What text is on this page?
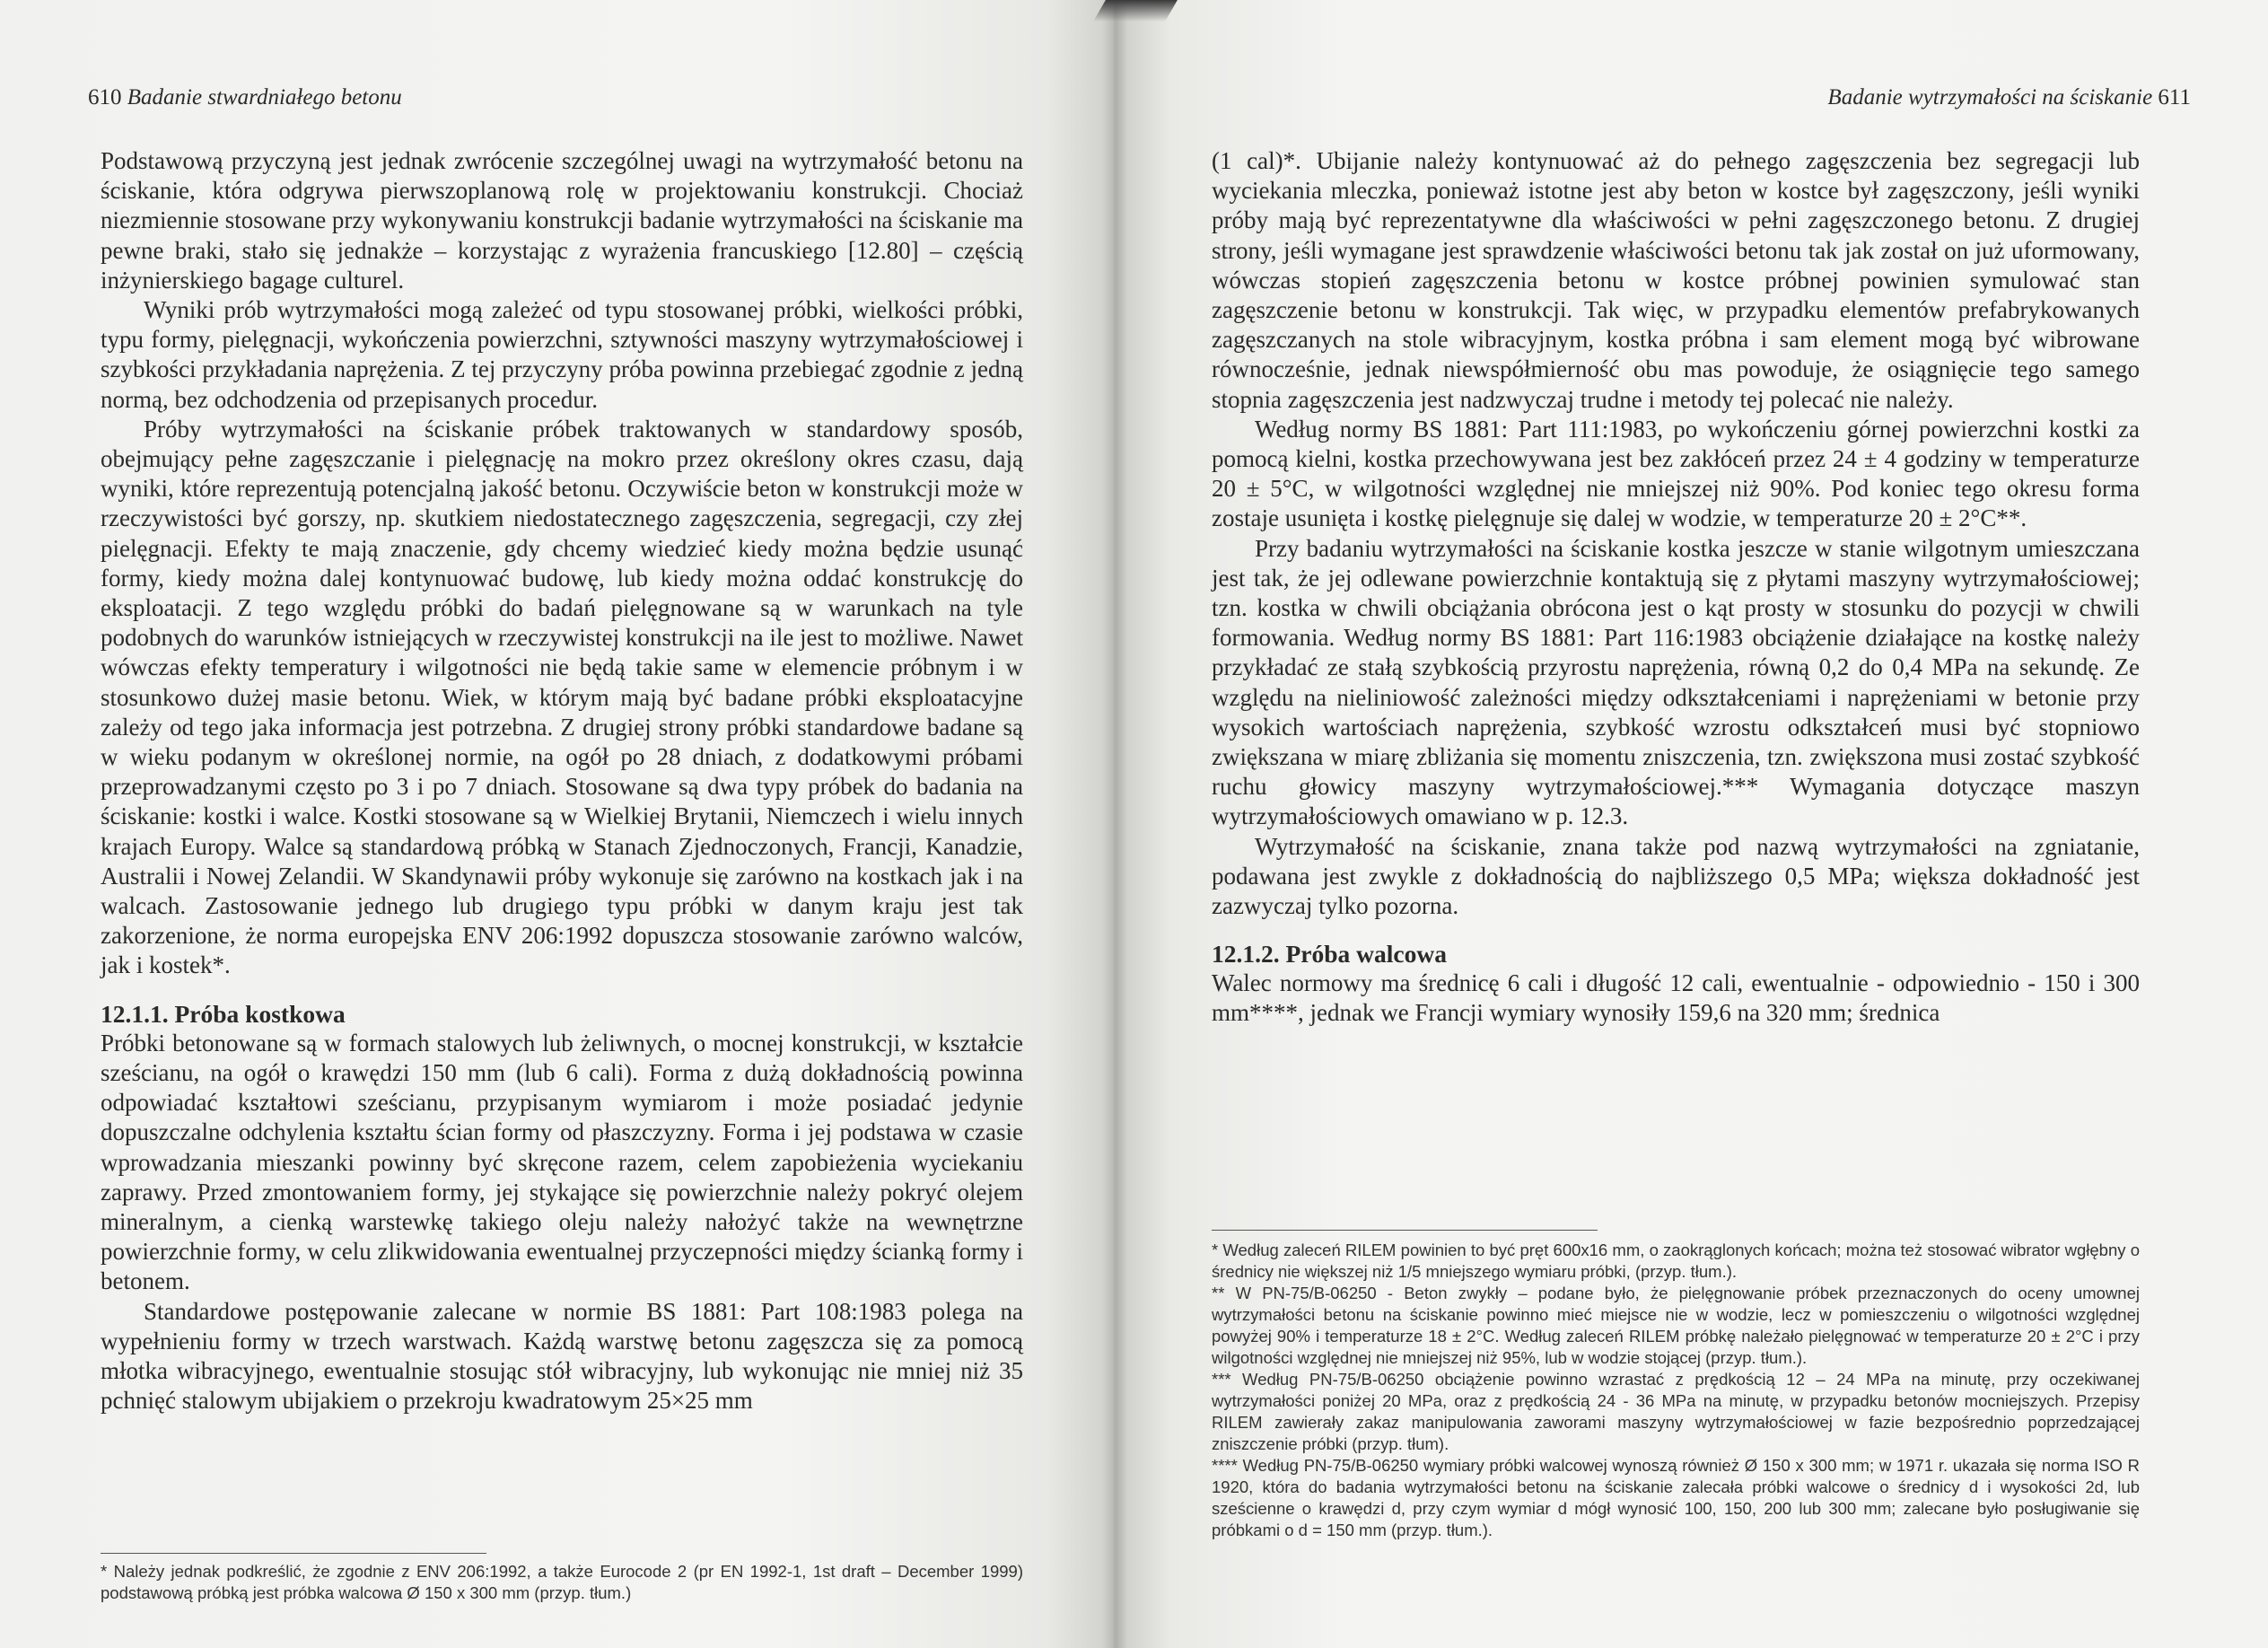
610 Badanie stwardniałego betonu

Podstawową przyczyną jest jednak zwrócenie szczególnej uwagi na wytrzymałość betonu na ściskanie, która odgrywa pierwszoplanową rolę w projektowaniu konstrukcji. Chociaż niezmiennie stosowane przy wykonywaniu konstrukcji badanie wytrzymałości na ściskanie ma pewne braki, stało się jednakże – korzystając z wyrażenia francuskiego [12.80] – częścią inżynierskiego bagage culturel.

Wyniki prób wytrzymałości mogą zależeć od typu stosowanej próbki, wielkości próbki, typu formy, pielęgnacji, wykończenia powierzchni, sztywności maszyny wytrzymałościowej i szybkości przykładania naprężenia. Z tej przyczyny próba powinna przebiegać zgodnie z jedną normą, bez odchodzenia od przepisanych procedur.

Próby wytrzymałości na ściskanie próbek traktowanych w standardowy sposób, obejmujący pełne zagęszczanie i pielęgnację na mokro przez określony okres czasu, dają wyniki, które reprezentują potencjalną jakość betonu. Oczywiście beton w konstrukcji może w rzeczywistości być gorszy, np. skutkiem niedostatecznego zagęszczenia, segregacji, czy złej pielęgnacji. Efekty te mają znaczenie, gdy chcemy wiedzieć kiedy można będzie usunąć formy, kiedy można dalej kontynuować budowę, lub kiedy można oddać konstrukcję do eksploatacji. Z tego względu próbki do badań pielęgnowane są w warunkach na tyle podobnych do warunków istniejących w rzeczywistej konstrukcji na ile jest to możliwe. Nawet wówczas efekty temperatury i wilgotności nie będą takie same w elemencie próbnym i w stosunkowo dużej masie betonu. Wiek, w którym mają być badane próbki eksploatacyjne zależy od tego jaka informacja jest potrzebna. Z drugiej strony próbki standardowe badane są w wieku podanym w określonej normie, na ogół po 28 dniach, z dodatkowymi próbami przeprowadzanymi często po 3 i po 7 dniach. Stosowane są dwa typy próbek do badania na ściskanie: kostki i walce. Kostki stosowane są w Wielkiej Brytanii, Niemczech i wielu innych krajach Europy. Walce są standardową próbką w Stanach Zjednoczonych, Francji, Kanadzie, Australii i Nowej Zelandii. W Skandynawii próby wykonuje się zarówno na kostkach jak i na walcach. Zastosowanie jednego lub drugiego typu próbki w danym kraju jest tak zakorzenione, że norma europejska ENV 206:1992 dopuszcza stosowanie zarówno walców, jak i kostek*.

12.1.1. Próba kostkowa

Próbki betonowane są w formach stalowych lub żeliwnych, o mocnej konstrukcji, w kształcie sześcianu, na ogół o krawędzi 150 mm (lub 6 cali). Forma z dużą dokładnością powinna odpowiadać kształtowi sześcianu, przypisanym wymiarom i może posiadać jedynie dopuszczalne odchylenia kształtu ścian formy od płaszczyzny. Forma i jej podstawa w czasie wprowadzania mieszanki powinny być skręcone razem, celem zapobieżenia wyciekaniu zaprawy. Przed zmontowaniem formy, jej stykające się powierzchnie należy pokryć olejem mineralnym, a cienką warstewkę takiego oleju należy nałożyć także na wewnętrzne powierzchnie formy, w celu zlikwidowania ewentualnej przyczepności między ścianką formy i betonem.

Standardowe postępowanie zalecane w normie BS 1881: Part 108:1983 polega na wypełnieniu formy w trzech warstwach. Każdą warstwę betonu zagęszcza się za pomocą młotka wibracyjnego, ewentualnie stosując stół wibracyjny, lub wykonując nie mniej niż 35 pchnięć stalowym ubijakiem o przekroju kwadratowym 25×25 mm

* Należy jednak podkreślić, że zgodnie z ENV 206:1992, a także Eurocode 2 (pr EN 1992-1, 1st draft – December 1999) podstawową próbką jest próbka walcowa Ø 150 x 300 mm (przyp. tłum.)

Badanie wytrzymałości na ściskanie 611

(1 cal)*. Ubijanie należy kontynuować aż do pełnego zagęszczenia bez segregacji lub wyciekania mleczka, ponieważ istotne jest aby beton w kostce był zagęszczony, jeśli wyniki próby mają być reprezentatywne dla właściwości w pełni zagęszczonego betonu. Z drugiej strony, jeśli wymagane jest sprawdzenie właściwości betonu tak jak został on już uformowany, wówczas stopień zagęszczenia betonu w kostce próbnej powinien symulować stan zagęszczenie betonu w konstrukcji. Tak więc, w przypadku elementów prefabrykowanych zagęszczanych na stole wibracyjnym, kostka próbna i sam element mogą być wibrowane równocześnie, jednak niewspółmierność obu mas powoduje, że osiągnięcie tego samego stopnia zagęszczenia jest nadzwyczaj trudne i metody tej polecać nie należy.

Według normy BS 1881: Part 111:1983, po wykończeniu górnej powierzchni kostki za pomocą kielni, kostka przechowywana jest bez zakłóceń przez 24 ± 4 godziny w temperaturze 20 ± 5°C, w wilgotności względnej nie mniejszej niż 90%. Pod koniec tego okresu forma zostaje usunięta i kostkę pielęgnuje się dalej w wodzie, w temperaturze 20 ± 2°C**.

Przy badaniu wytrzymałości na ściskanie kostka jeszcze w stanie wilgotnym umieszczana jest tak, że jej odlewane powierzchnie kontaktują się z płytami maszyny wytrzymałościowej; tzn. kostka w chwili obciążania obrócona jest o kąt prosty w stosunku do pozycji w chwili formowania. Według normy BS 1881: Part 116:1983 obciążenie działające na kostkę należy przykładać ze stałą szybkością przyrostu naprężenia, równą 0,2 do 0,4 MPa na sekundę. Ze względu na nieliniowość zależności między odkształceniami i naprężeniami w betonie przy wysokich wartościach naprężenia, szybkość wzrostu odkształceń musi być stopniowo zwiększana w miarę zbliżania się momentu zniszczenia, tzn. zwiększona musi zostać szybkość ruchu głowicy maszyny wytrzymałościowej.*** Wymagania dotyczące maszyn wytrzymałościowych omawiano w p. 12.3.

Wytrzymałość na ściskanie, znana także pod nazwą wytrzymałości na zgniatanie, podawana jest zwykle z dokładnością do najbliższego 0,5 MPa; większa dokładność jest zazwyczaj tylko pozorna.

12.1.2. Próba walcowa

Walec normowy ma średnicę 6 cali i długość 12 cali, ewentualnie - odpowiednio - 150 i 300 mm****, jednak we Francji wymiary wynosiły 159,6 na 320 mm; średnica

* Według zaleceń RILEM powinien to być pręt 600x16 mm, o zaokrąglonych końcach; można też stosować wibrator wgłębny o średnicy nie większej niż 1/5 mniejszego wymiaru próbki, (przyp. tłum.).

** W PN-75/B-06250 - Beton zwykły – podane było, że pielęgnowanie próbek przeznaczonych do oceny umownej wytrzymałości betonu na ściskanie powinno mieć miejsce nie w wodzie, lecz w pomieszczeniu o wilgotności względnej powyżej 90% i temperaturze 18 ± 2°C. Według zaleceń RILEM próbkę należało pielęgnować w temperaturze 20 ± 2°C i przy wilgotności względnej nie mniejszej niż 95%, lub w wodzie stojącej (przyp. tłum.).

*** Według PN-75/B-06250 obciążenie powinno wzrastać z prędkością 12 – 24 MPa na minutę, przy oczekiwanej wytrzymałości poniżej 20 MPa, oraz z prędkością 24 - 36 MPa na minutę, w przypadku betonów mocniejszych. Przepisy RILEM zawierały zakaz manipulowania zaworami maszyny wytrzymałościowej w fazie bezpośrednio poprzedzającej zniszczenie próbki (przyp. tłum).

**** Według PN-75/B-06250 wymiary próbki walcowej wynoszą również Ø 150 x 300 mm; w 1971 r. ukazała się norma ISO R 1920, która do badania wytrzymałości betonu na ściskanie zalecała próbki walcowe o średnicy d i wysokości 2d, lub sześcienne o krawędzi d, przy czym wymiar d mógł wynosić 100, 150, 200 lub 300 mm; zalecane było posługiwanie się próbkami o d = 150 mm (przyp. tłum.).
